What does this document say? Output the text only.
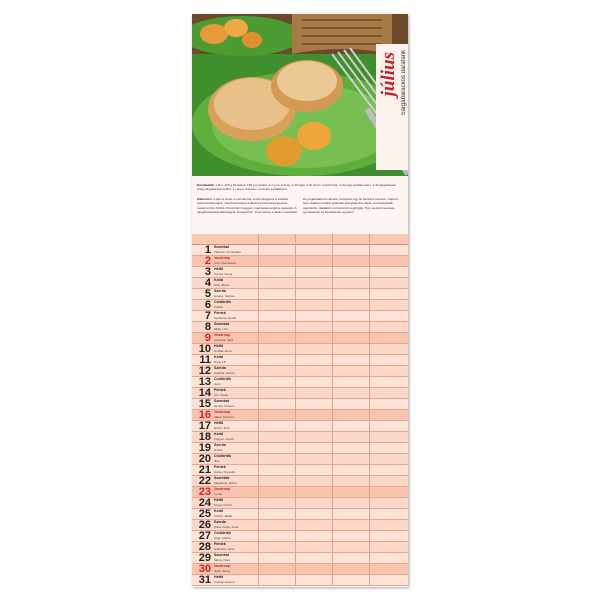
július Sárgabarackos darafánk
Hozzávalók: 4 főre: 200 g búzadara, 150 g porcukor, 3-4 g só, 3 dl tej, 3 db tojás, 1 db citrom reszelt héja, 2 csomag vaníliás cukor, 4 db sárgabarack (vagy sárgabarack befőtt), 1 l olaj a sütéshez, porcukor a tálaláshoz.
Elkészítés: A tejet a sóval, a porcukorral, a citromhéjjal és a vaníliás cukorral felforraljuk, majd beleszórjuk a darát és folyamatos keverés mellett sűrűre főzzük. Kicsit hűlni hagyjuk, majd belekeverjük a tojásokat. A sárgabarackokat félbevágjuk, kimagozzuk. Vizes kézzel a darás masszából kis pogácsákat formázunk, közepébe egy fél barackot teszünk, majd bő, forró olajban mindkét oldalukat aranybarnára sütjük. Lecsöpögtetjük papírtörlőn, tálaláskor porcukorral meghintjük. Tipp: kedvelt csemege gyerekeknek és felnőtteknek egyaránt.
1 Szombat
Tihamér, Annamária
2 Vasárnap
Ottó, Mercédesz
3 Hétfő
Kornél, Soma
4 Kedd
Ulrik, Berta
5 Szerda
Emese, Sarolta
6 Csütörtök
Csaba
7 Péntek
Apollónia, Donát
8 Szombat
Ellák, Liza
9 Vasárnap
Lukrécia, Vera
10 Hétfő
Amália, Alma
11 Kedd
Nóra, Lili
12 Szerda
Izabella, Dalma
13 Csütörtök
Jenő
14 Péntek
Örs, Stella
15 Szombat
Henrik, Roland
16 Vasárnap
Valter, Kármen
17 Hétfő
Endre, Elek
18 Kedd
Frigyes, Kamill
19 Szerda
Emília
20 Csütörtök
Illés
21 Péntek
Dániel, Daniella
22 Szombat
Magdolna, Márta
23 Vasárnap
Lenke
24 Hétfő
Kinga, Kincső
25 Kedd
Kristóf, Jakab
26 Szerda
Anna, Anikó, Anita
27 Csütörtök
Olga, Liliána
28 Péntek
Szabolcs, Alina
29 Szombat
Márta, Flóra
30 Vasárnap
Judit, Xénia
31 Hétfő
Oszkár, Helena
